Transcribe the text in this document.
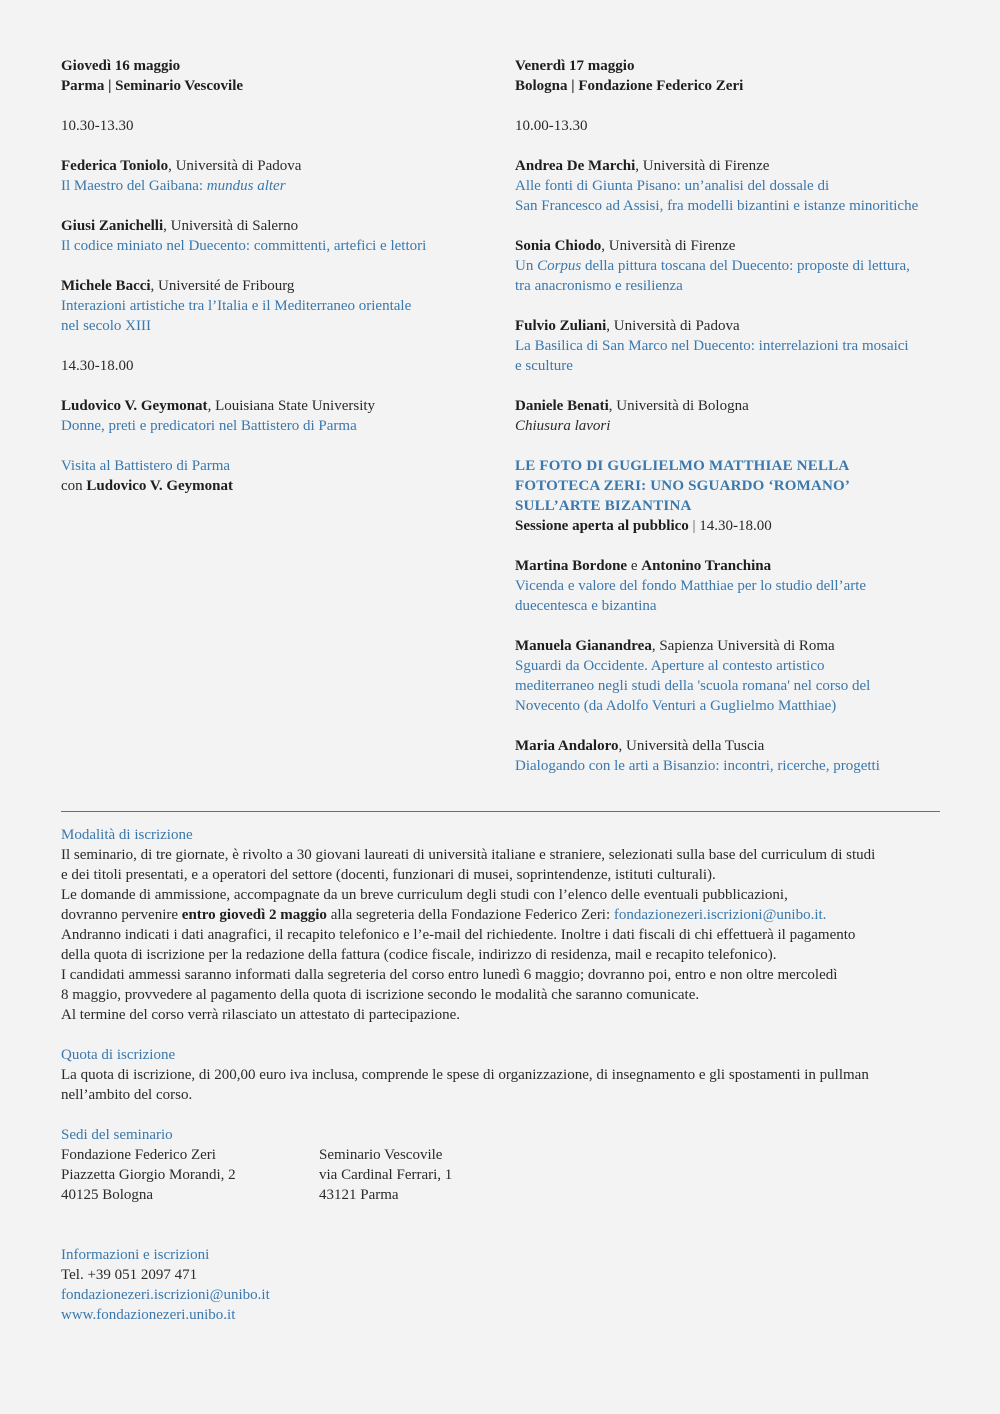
Giovedì 16 maggio

Parma | Seminario Vescovile

10.30-13.30

Federica Toniolo, Università di Padova

Il Maestro del Gaibana: mundus alter

Giusi Zanichelli, Università di Salerno

Il codice miniato nel Duecento: committenti, artefici e lettori

Michele Bacci, Université de Fribourg

Interazioni artistiche tra l’Italia e il Mediterraneo orientale

nel secolo XIII

14.30-18.00

Ludovico V. Geymonat, Louisiana State University

Donne, preti e predicatori nel Battistero di Parma

Visita al Battistero di Parma

con Ludovico V. Geymonat

Venerdì 17 maggio

Bologna | Fondazione Federico Zeri

10.00-13.30

Andrea De Marchi, Università di Firenze

Alle fonti di Giunta Pisano: un’analisi del dossale di

San Francesco ad Assisi, fra modelli bizantini e istanze minoritiche

Sonia Chiodo, Università di Firenze

Un Corpus della pittura toscana del Duecento: proposte di lettura,

tra anacronismo e resilienza

Fulvio Zuliani, Università di Padova

La Basilica di San Marco nel Duecento: interrelazioni tra mosaici

e sculture

Daniele Benati, Università di Bologna

Chiusura lavori

LE FOTO DI GUGLIELMO MATTHIAE NELLA

FOTOTECA ZERI: UNO SGUARDO ‘ROMANO’

SULL’ARTE BIZANTINA

Sessione aperta al pubblico | 14.30-18.00

Martina Bordone e Antonino Tranchina

Vicenda e valore del fondo Matthiae per lo studio dell’arte

duecentesca e bizantina

Manuela Gianandrea, Sapienza Università di Roma

Sguardi da Occidente. Aperture al contesto artistico

mediterraneo negli studi della 'scuola romana' nel corso del

Novecento (da Adolfo Venturi a Guglielmo Matthiae)

Maria Andaloro, Università della Tuscia

Dialogando con le arti a Bisanzio: incontri, ricerche, progetti

Modalità di iscrizione

Il seminario, di tre giornate, è rivolto a 30 giovani laureati di università italiane e straniere, selezionati sulla base del curriculum di studi

e dei titoli presentati, e a operatori del settore (docenti, funzionari di musei, soprintendenze, istituti culturali).

Le domande di ammissione, accompagnate da un breve curriculum degli studi con l’elenco delle eventuali pubblicazioni,

dovranno pervenire entro giovedì 2 maggio alla segreteria della Fondazione Federico Zeri: fondazionezeri.iscrizioni@unibo.it.

Andranno indicati i dati anagrafici, il recapito telefonico e l’e-mail del richiedente. Inoltre i dati fiscali di chi effettuerà il pagamento

della quota di iscrizione per la redazione della fattura (codice fiscale, indirizzo di residenza, mail e recapito telefonico).

I candidati ammessi saranno informati dalla segreteria del corso entro lunedì 6 maggio; dovranno poi, entro e non oltre mercoledì

8 maggio, provvedere al pagamento della quota di iscrizione secondo le modalità che saranno comunicate.

Al termine del corso verrà rilasciato un attestato di partecipazione.

Quota di iscrizione

La quota di iscrizione, di 200,00 euro iva inclusa, comprende le spese di organizzazione, di insegnamento e gli spostamenti in pullman

nell’ambito del corso.

Sedi del seminario

Fondazione Federico Zeri

Piazzetta Giorgio Morandi, 2

40125 Bologna

Seminario Vescovile

via Cardinal Ferrari, 1

43121 Parma

Informazioni e iscrizioni

Tel. +39 051 2097 471

fondazionezeri.iscrizioni@unibo.it

www.fondazionezeri.unibo.it
